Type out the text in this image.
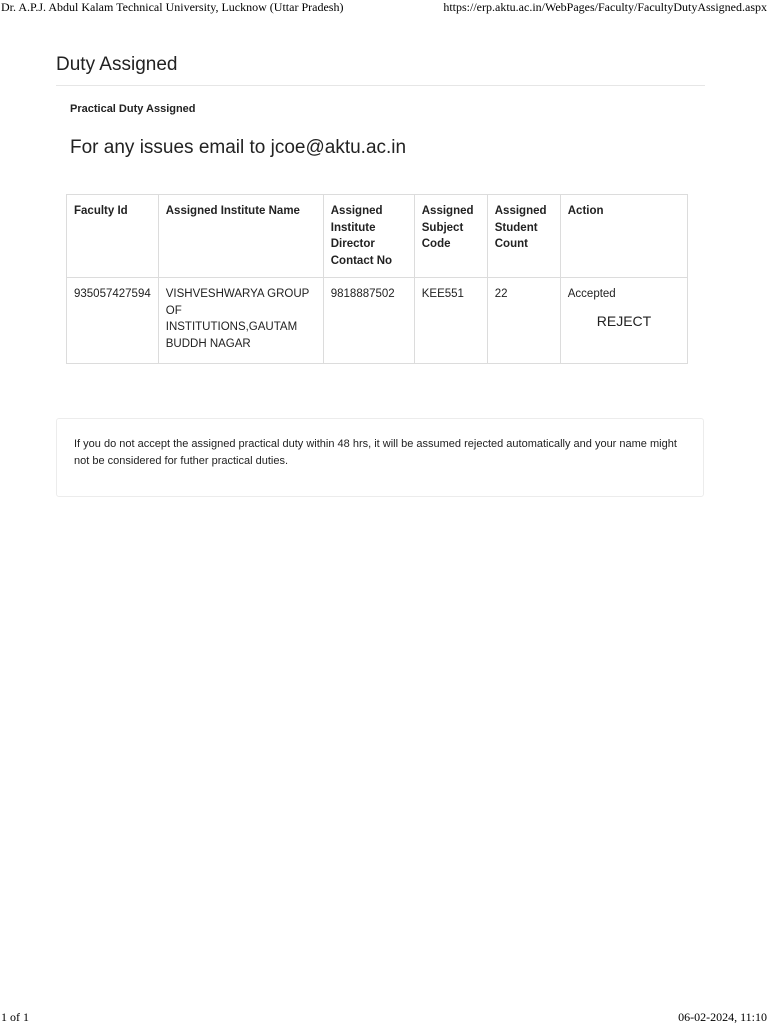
Dr. A.P.J. Abdul Kalam Technical University, Lucknow (Uttar Pradesh)	https://erp.aktu.ac.in/WebPages/Faculty/FacultyDutyAssigned.aspx
Duty Assigned
Practical Duty Assigned
For any issues email to jcoe@aktu.ac.in
Faculty Id	Assigned Institute Name	Assigned Institute Director Contact No	Assigned Subject Code	Assigned Student Count	Action
935057427594	VISHVESHWARYA GROUP OF INSTITUTIONS,GAUTAM BUDDH NAGAR	9818887502	KEE551	22	Accepted
REJECT
If you do not accept the assigned practical duty within 48 hrs, it will be assumed rejected automatically and your name might not be considered for futher practical duties.
1 of 1	06-02-2024, 11:10
